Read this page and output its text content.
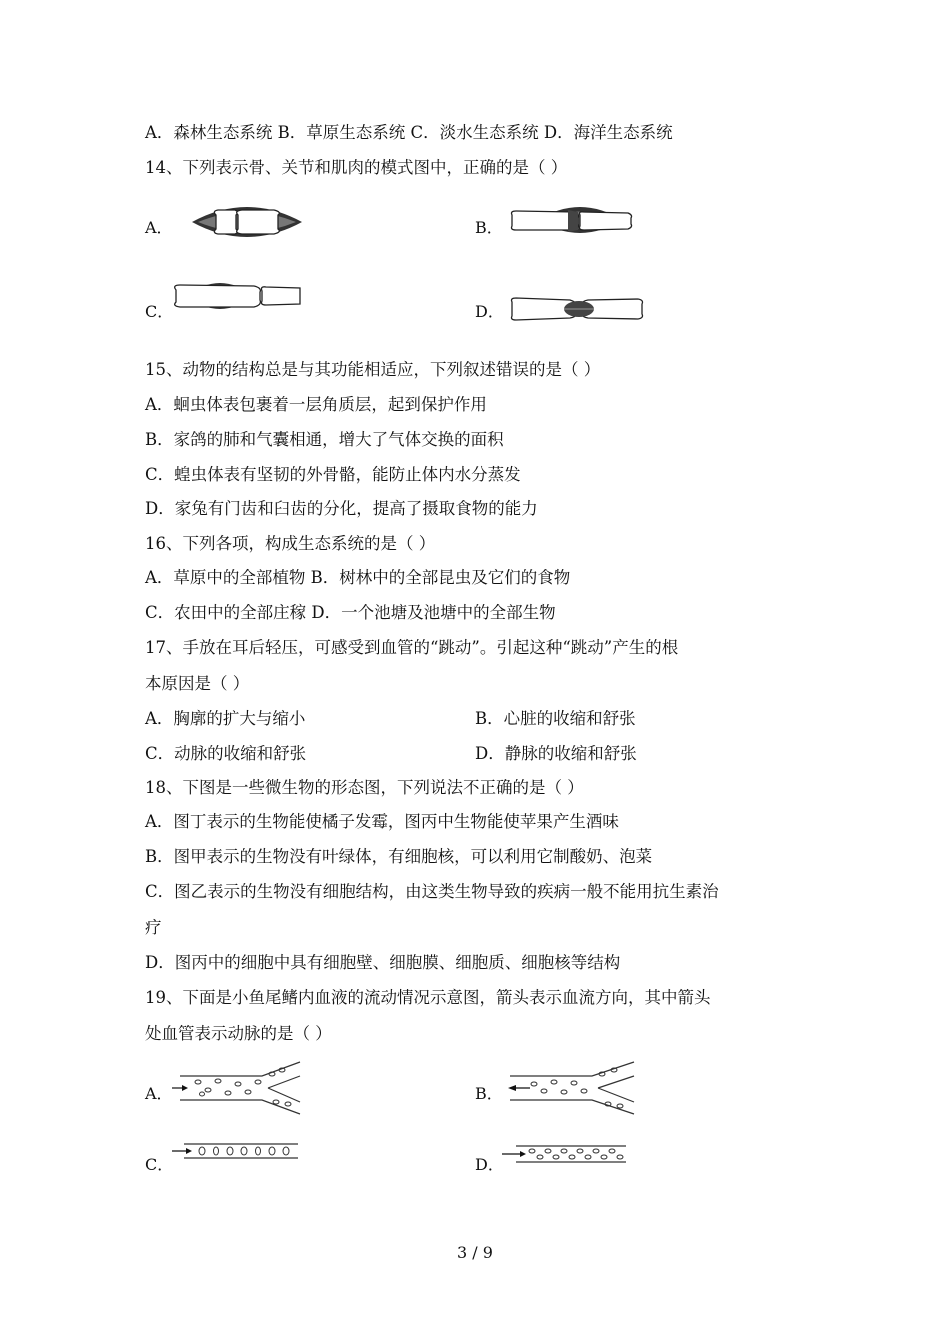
A．森林生态系统 B．草原生态系统 C．淡水生态系统 D．海洋生态系统
14、下列表示骨、关节和肌肉的模式图中，正确的是（ ）
A．	B．
C．	D．
15、动物的结构总是与其功能相适应，下列叙述错误的是（ ）
A．蛔虫体表包裹着一层角质层，起到保护作用
B．家鸽的肺和气囊相通，增大了气体交换的面积
C．蝗虫体表有坚韧的外骨骼，能防止体内水分蒸发
D．家兔有门齿和臼齿的分化，提高了摄取食物的能力
16、下列各项，构成生态系统的是（ ）
A．草原中的全部植物 B．树林中的全部昆虫及它们的食物
C．农田中的全部庄稼 D．一个池塘及池塘中的全部生物
17、手放在耳后轻压，可感受到血管的“跳动”。引起这种“跳动”产生的根
本原因是（ ）
A．胸廓的扩大与缩小	B．心脏的收缩和舒张
C．动脉的收缩和舒张	D．静脉的收缩和舒张
18、下图是一些微生物的形态图，下列说法不正确的是（ ）
A．图丁表示的生物能使橘子发霉，图丙中生物能使苹果产生酒味
B．图甲表示的生物没有叶绿体，有细胞核，可以利用它制酸奶、泡菜
C．图乙表示的生物没有细胞结构，由这类生物导致的疾病一般不能用抗生素治
疗
D．图丙中的细胞中具有细胞壁、细胞膜、细胞质、细胞核等结构
19、下面是小鱼尾鳍内血液的流动情况示意图，箭头表示血流方向，其中箭头
处血管表示动脉的是（ ）
A．	B．
C．	D．
3 / 9
